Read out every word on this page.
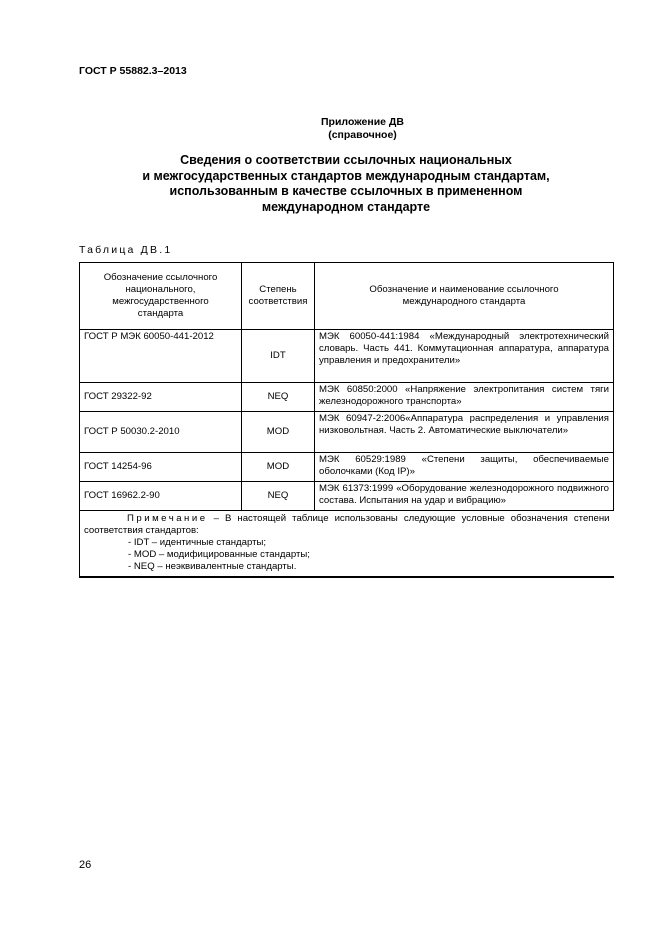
ГОСТ Р 55882.3–2013
Приложение ДВ
(справочное)
Сведения о соответствии ссылочных национальных
и межгосударственных стандартов международным стандартам,
использованным в качестве ссылочных в примененном
международном стандарте
Таблица ДВ.1
Обозначение ссылочного национального, межгосударственного стандарта	Степень соответствия	Обозначение и наименование ссылочного международного стандарта
ГОСТ Р МЭК 60050-441-2012	IDT	МЭК 60050-441:1984 «Международный электротехнический словарь. Часть 441. Коммутационная аппаратура, аппаратура управления и предохранители»
ГОСТ 29322-92	NEQ	МЭК 60850:2000 «Напряжение электропитания систем тяги железнодорожного транспорта»
ГОСТ Р 50030.2-2010	MOD	МЭК 60947-2:2006«Аппаратура распределения и управления низковольтная. Часть 2. Автоматические выключатели»
ГОСТ 14254-96	MOD	МЭК 60529:1989 «Степени защиты, обеспечиваемые оболочками (Код IP)»
ГОСТ 16962.2-90	NEQ	МЭК 61373:1999 «Оборудование железнодорожного подвижного состава. Испытания на удар и вибрацию»

Примечание – В настоящей таблице использованы следующие условные обозначения степени соответствия стандартов:
- IDT – идентичные стандарты;
- MOD – модифицированные стандарты;
- NEQ – неэквивалентные стандарты.		
26
